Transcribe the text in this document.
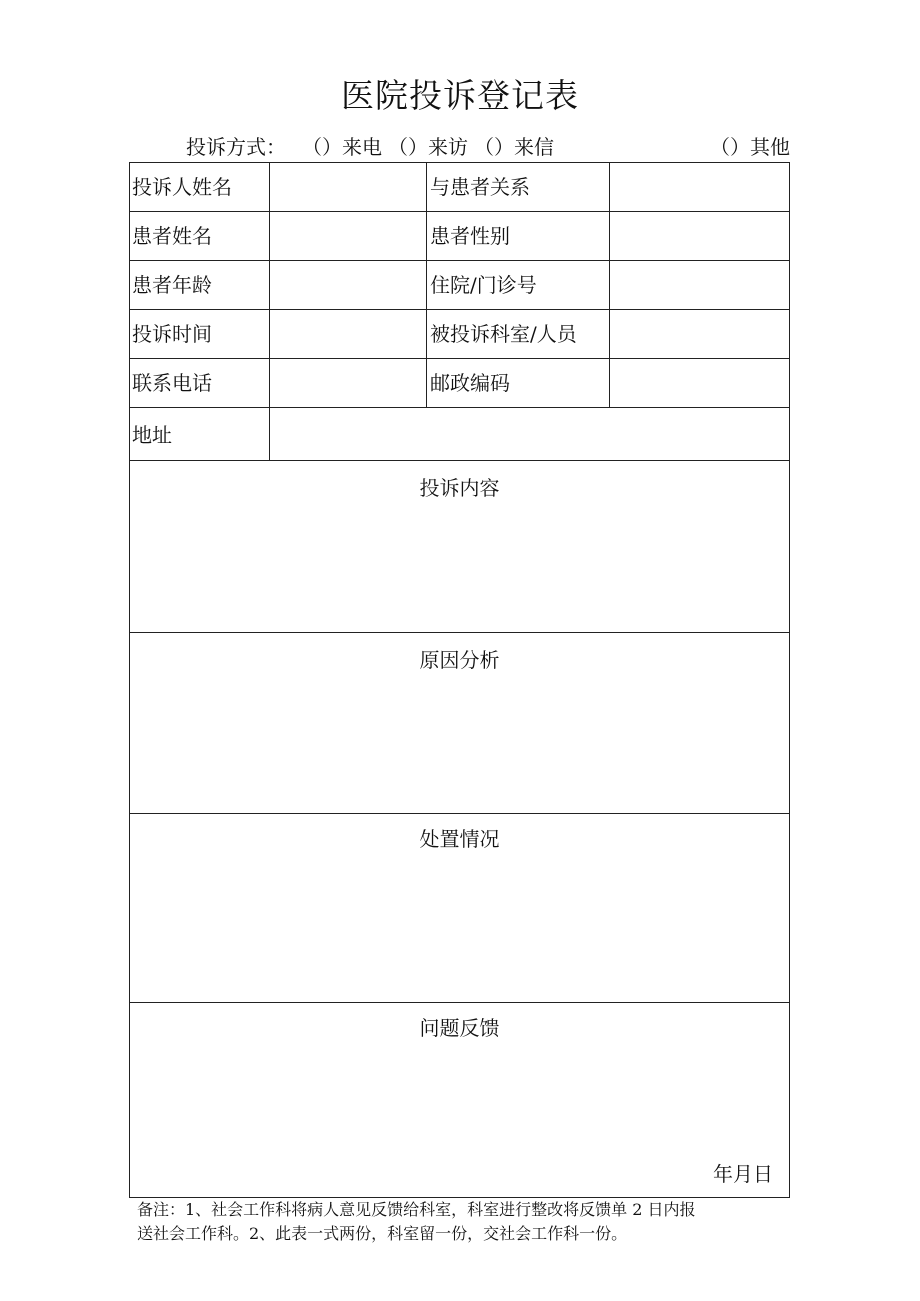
医院投诉登记表
投诉方式： （）来电 （）来访 （）来信	（）其他
投诉人姓名	与患者关系
患者姓名	患者性别
患者年龄	住院/门诊号
投诉时间	被投诉科室/人员
联系电话	邮政编码
地址
投诉内容
原因分析
处置情况
问题反馈
年月日
备注：1、社会工作科将病人意见反馈给科室，科室进行整改将反馈单 2 日内报
送社会工作科。2、此表一式两份，科室留一份，交社会工作科一份。
